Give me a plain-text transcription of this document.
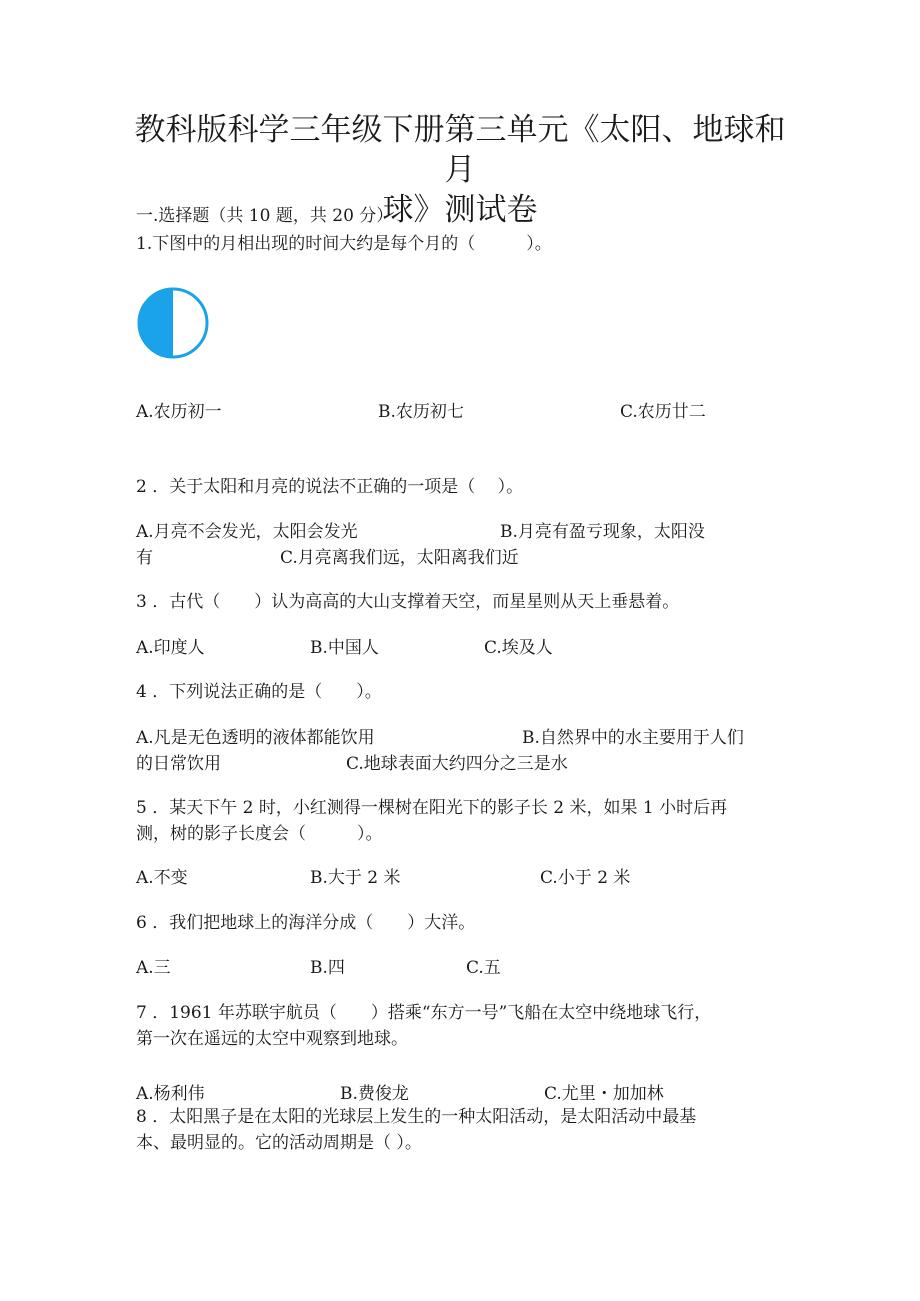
教科版科学三年级下册第三单元《太阳、地球和月
球》测试卷
一.选择题（共 10 题，共 20 分）
1.下图中的月相出现的时间大约是每个月的（　　　）。
A.农历初一	B.农历初七	C.农历廿二
2 ．关于太阳和月亮的说法不正确的一项是（　 ）。
A.月亮不会发光，太阳会发光	B.月亮有盈亏现象，太阳没
有	C.月亮离我们远，太阳离我们近
3 ．古代（　　）认为高高的大山支撑着天空，而星星则从天上垂悬着。
A.印度人	B.中国人	C.埃及人
4 ．下列说法正确的是（　　）。
A.凡是无色透明的液体都能饮用	B.自然界中的水主要用于人们
的日常饮用	C.地球表面大约四分之三是水
5 ．某天下午 2 时，小红测得一棵树在阳光下的影子长 2 米，如果 1 小时后再
测，树的影子长度会（　　　）。
A.不变	B.大于 2 米	C.小于 2 米
6 ．我们把地球上的海洋分成（　　）大洋。
A.三	B.四	C.五
7 ．1961 年苏联宇航员（　　）搭乘“东方一号”飞船在太空中绕地球飞行，
第一次在遥远的太空中观察到地球。
A.杨利伟	B.费俊龙	C.尤里・加加林
8 ．太阳黑子是在太阳的光球层上发生的一种太阳活动，是太阳活动中最基
本、最明显的。它的活动周期是（ ）。
